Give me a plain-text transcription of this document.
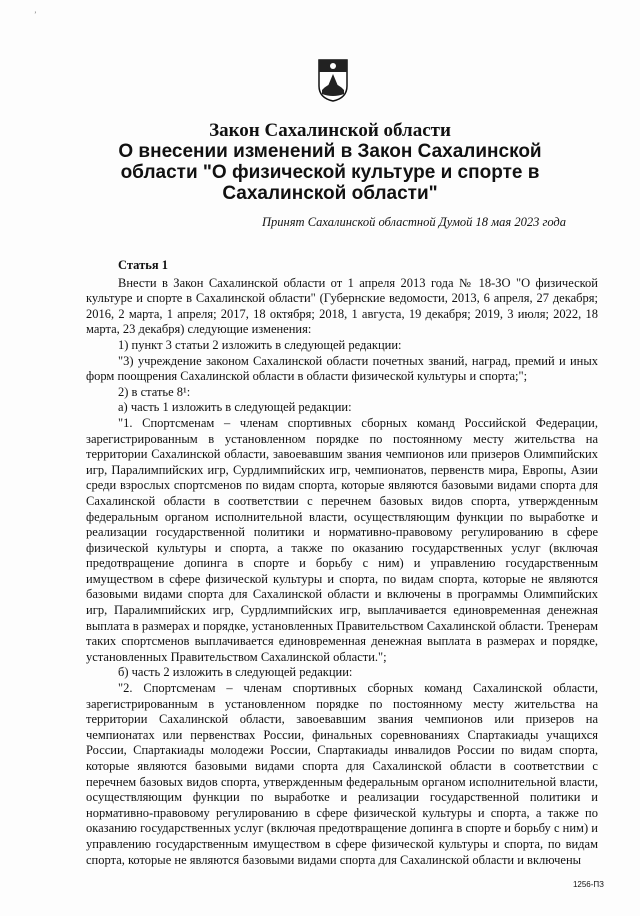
ʼ
Закон Сахалинской области
О внесении изменений в Закон Сахалинской
области "О физической культуре и спорте в
Сахалинской области"
Принят Сахалинской областной Думой 18 мая 2023 года

Статья 1

Внести в Закон Сахалинской области от 1 апреля 2013 года № 18-ЗО "О физической культуре и спорте в Сахалинской области" (Губернские ведомости, 2013, 6 апреля, 27 декабря; 2016, 2 марта, 1 апреля; 2017, 18 октября; 2018, 1 августа, 19 декабря; 2019, 3 июля; 2022, 18 марта, 23 декабря) следующие изменения:

1) пункт 3 статьи 2 изложить в следующей редакции:

"3) учреждение законом Сахалинской области почетных званий, наград, премий и иных форм поощрения Сахалинской области в области физической культуры и спорта;";

2) в статье 8¹:

а) часть 1 изложить в следующей редакции:

"1. Спортсменам – членам спортивных сборных команд Российской Федерации, зарегистрированным в установленном порядке по постоянному месту жительства на территории Сахалинской области, завоевавшим звания чемпионов или призеров Олимпийских игр, Паралимпийских игр, Сурдлимпийских игр, чемпионатов, первенств мира, Европы, Азии среди взрослых спортсменов по видам спорта, которые являются базовыми видами спорта для Сахалинской области в соответствии с перечнем базовых видов спорта, утвержденным федеральным органом исполнительной власти, осуществляющим функции по выработке и реализации государственной политики и нормативно-правовому регулированию в сфере физической культуры и спорта, а также по оказанию государственных услуг (включая предотвращение допинга в спорте и борьбу с ним) и управлению государственным имуществом в сфере физической культуры и спорта, по видам спорта, которые не являются базовыми видами спорта для Сахалинской области и включены в программы Олимпийских игр, Паралимпийских игр, Сурдлимпийских игр, выплачивается единовременная денежная выплата в размерах и порядке, установленных Правительством Сахалинской области. Тренерам таких спортсменов выплачивается единовременная денежная выплата в размерах и порядке, установленных Правительством Сахалинской области.";

б) часть 2 изложить в следующей редакции:

"2. Спортсменам – членам спортивных сборных команд Сахалинской области, зарегистрированным в установленном порядке по постоянному месту жительства на территории Сахалинской области, завоевавшим звания чемпионов или призеров на чемпионатах или первенствах России, финальных соревнованиях Спартакиады учащихся России, Спартакиады молодежи России, Спартакиады инвалидов России по видам спорта, которые являются базовыми видами спорта для Сахалинской области в соответствии с перечнем базовых видов спорта, утвержденным федеральным органом исполнительной власти, осуществляющим функции по выработке и реализации государственной политики и нормативно-правовому регулированию в сфере физической культуры и спорта, а также по оказанию государственных услуг (включая предотвращение допинга в спорте и борьбу с ним) и управлению государственным имуществом в сфере физической культуры и спорта, по видам спорта, которые не являются базовыми видами спорта для Сахалинской области и включены

1256-ПЗ
